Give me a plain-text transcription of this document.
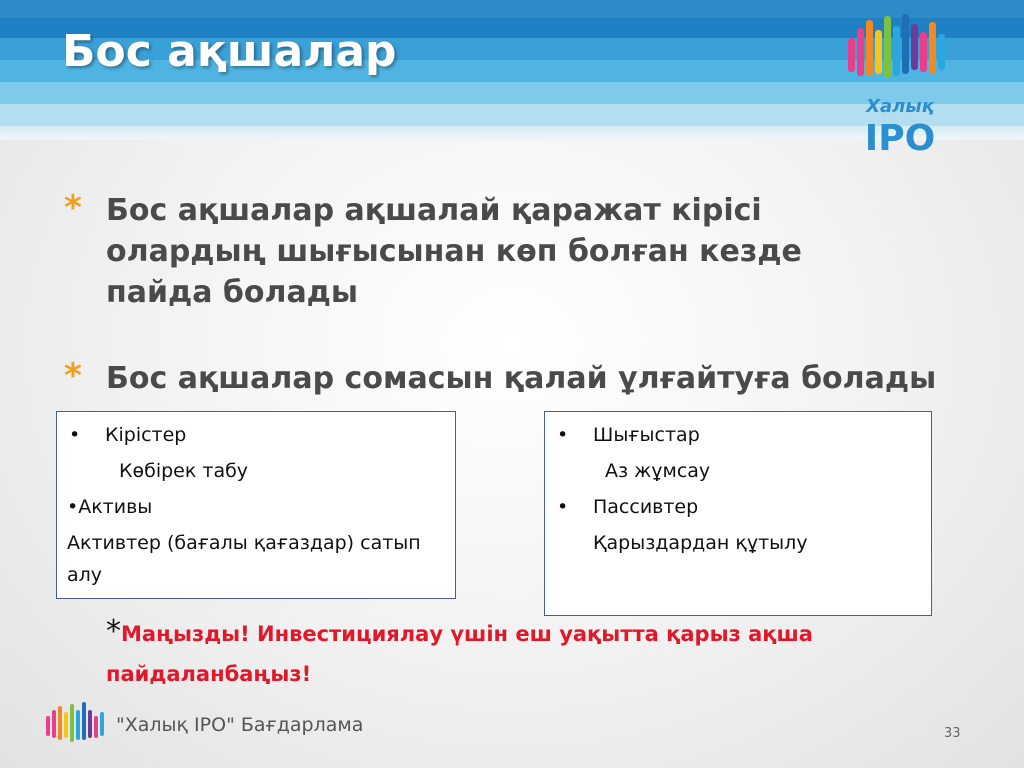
Бос ақшалар
Халық
IPO
* Бос ақшалар ақшалай қаражат кірісі
олардың шығысынан көп болған кезде
пайда болады
* Бос ақшалар сомасын қалай ұлғайтуға болады
• Кірістер
Көбірек табу
•Активы
Активтер (бағалы қағаздар) сатып
алу
• Шығыстар
Аз жұмсау
• Пассивтер
Қарыздардан құтылу
*Маңызды! Инвестициялау үшін еш уақытта қарыз ақша
пайдаланбаңыз!
"Халық IPO" Бағдарлама	33
